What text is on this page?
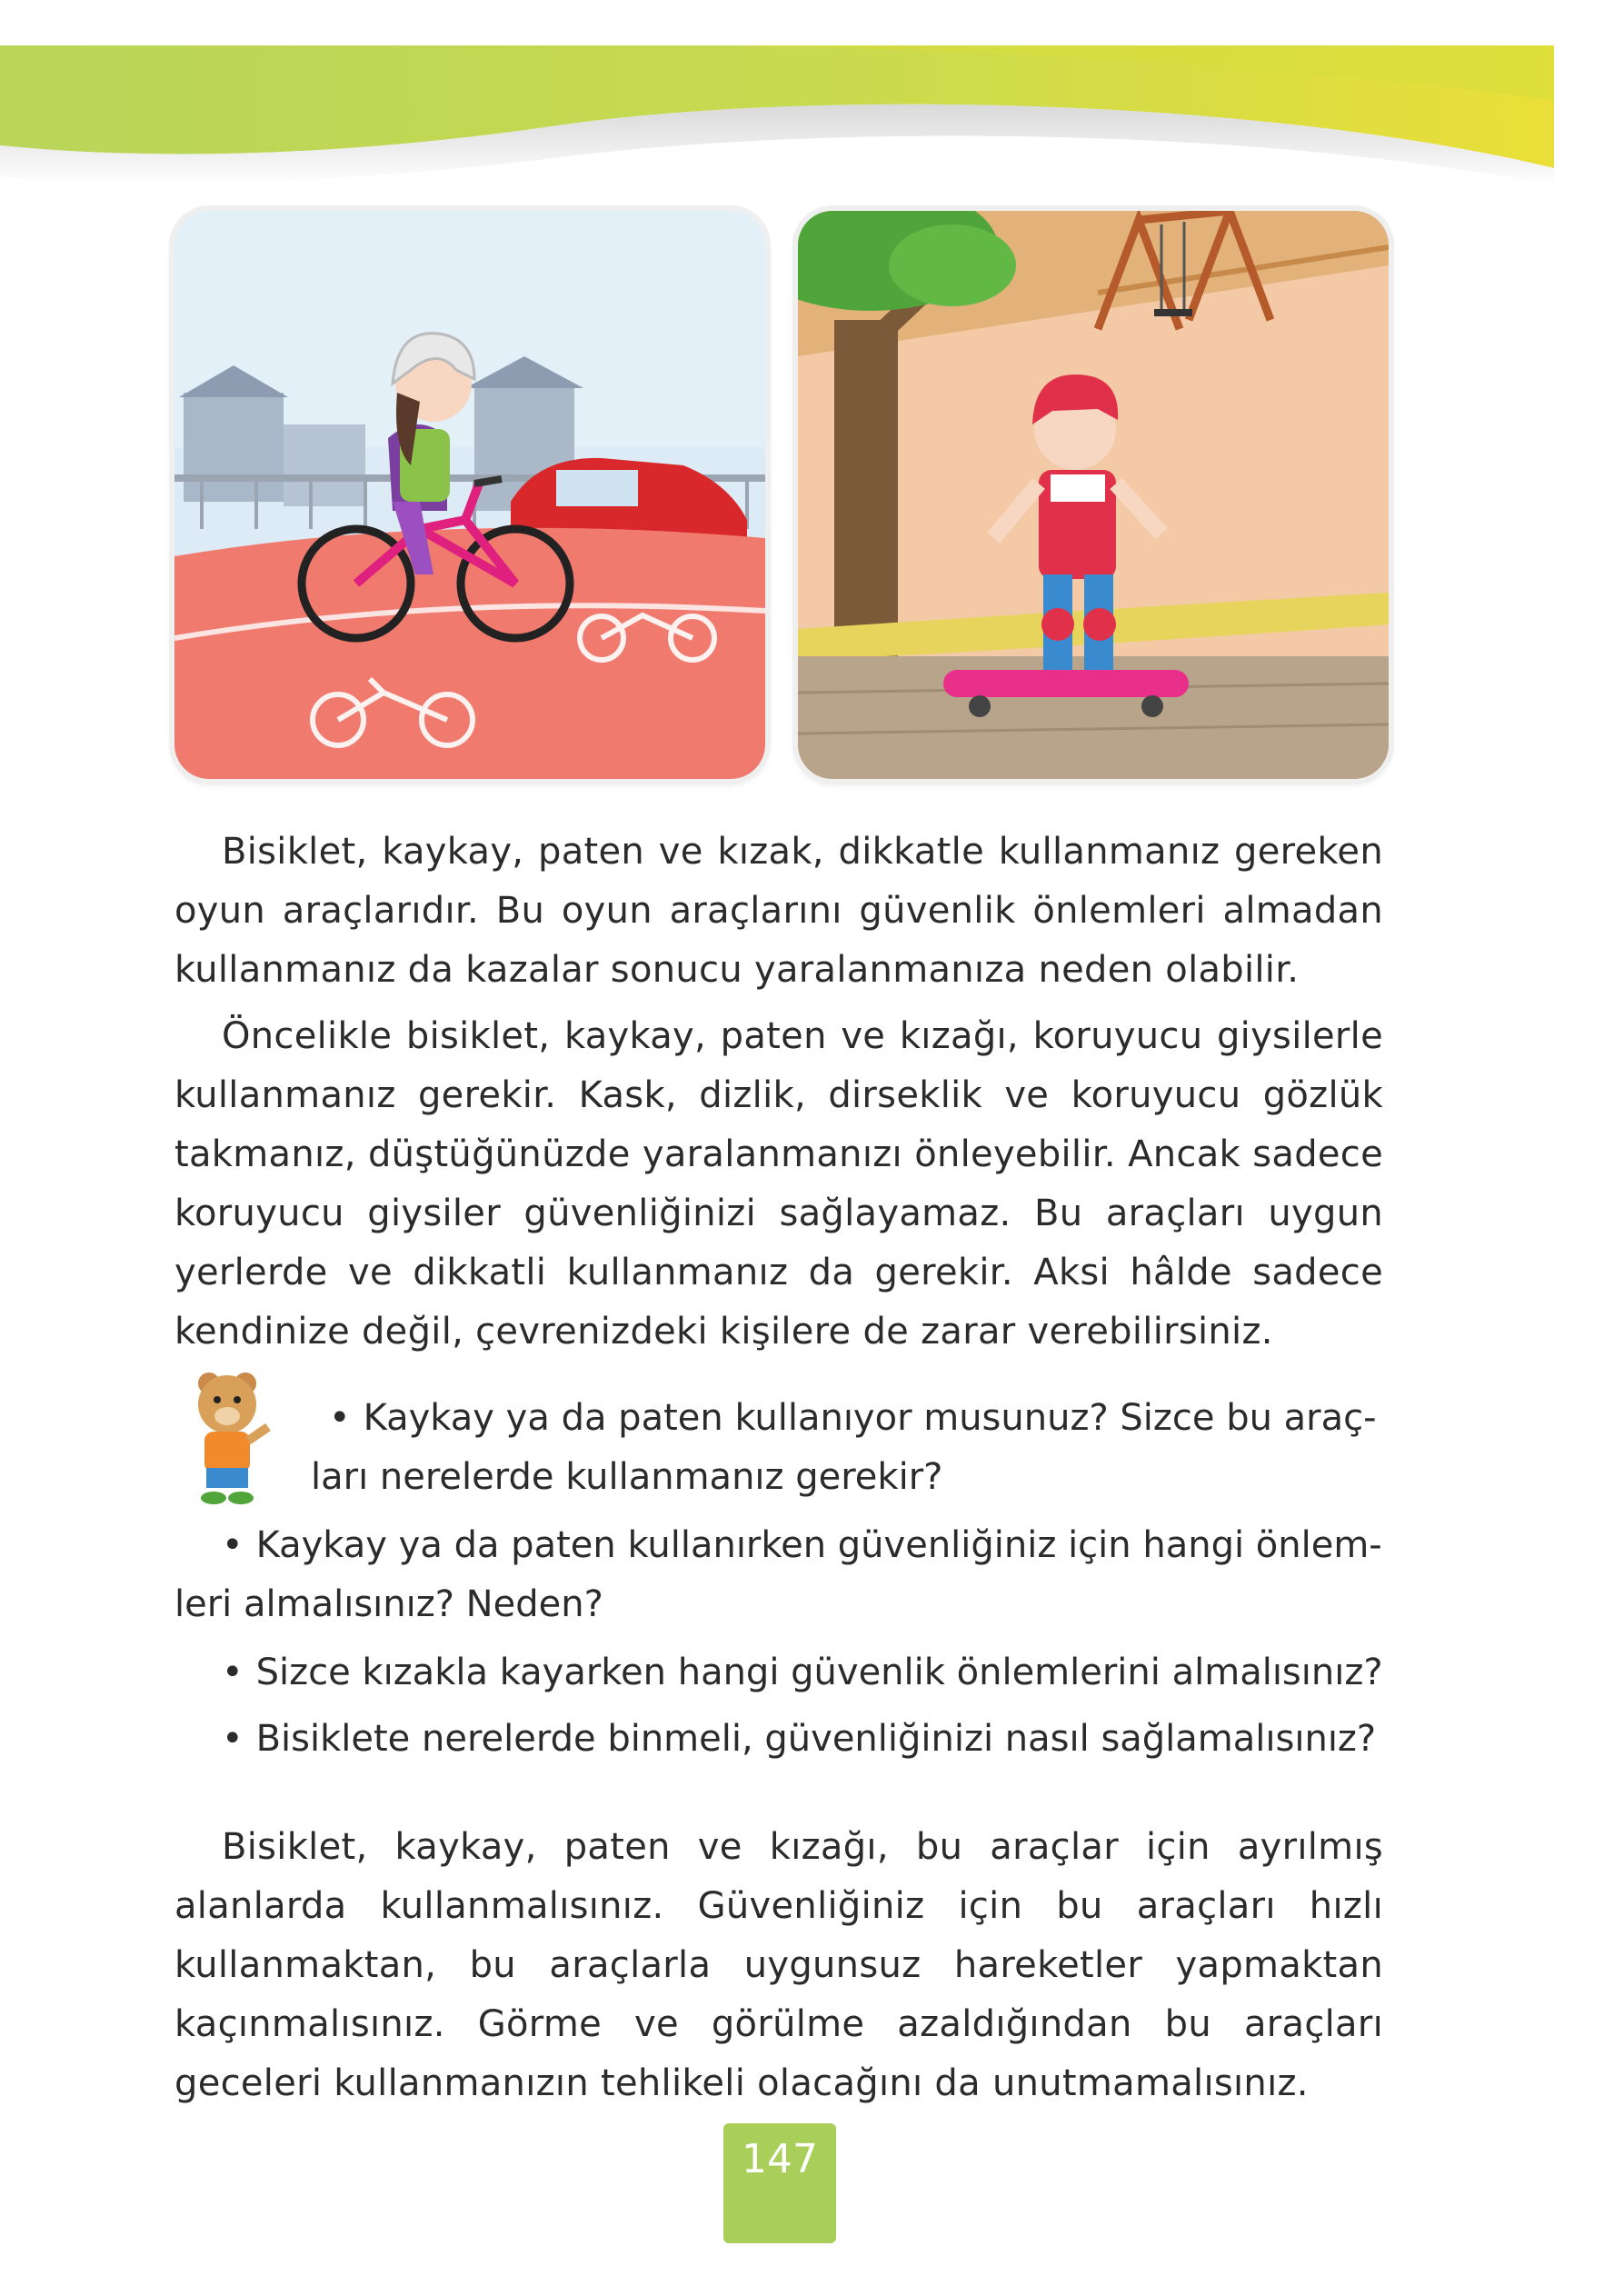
Bisiklet, kaykay, paten ve kızak, dikkatle kullanmanız gereken oyun araçlarıdır. Bu oyun araçlarını güvenlik önlemleri almadan kullanmanız da kazalar sonucu yaralanmanıza neden olabilir.

Öncelikle bisiklet, kaykay, paten ve kızağı, koruyucu giysilerle kullanmanız gerekir. Kask, dizlik, dirseklik ve koruyucu gözlük takmanız, düştüğünüzde yaralanmanızı önleyebilir. Ancak sadece koruyucu giysiler güvenliğinizi sağlayamaz. Bu araçları uygun yerlerde ve dikkatli kullanmanız da gerekir. Aksi hâlde sadece kendinize değil, çevrenizdeki kişilere de zarar verebilirsiniz.

• Kaykay ya da paten kullanıyor musunuz? Sizce bu araç-
ları nerelerde kullanmanız gerekir?
• Kaykay ya da paten kullanırken güvenliğiniz için hangi önlem-
leri almalısınız? Neden?
• Sizce kızakla kayarken hangi güvenlik önlemlerini almalısınız?
• Bisiklete nerelerde binmeli, güvenliğinizi nasıl sağlamalısınız?

Bisiklet, kaykay, paten ve kızağı, bu araçlar için ayrılmış alanlarda kullanmalısınız. Güvenliğiniz için bu araçları hızlı kullanmaktan, bu araçlarla uygunsuz hareketler yapmaktan kaçınmalısınız. Görme ve görülme azaldığından bu araçları geceleri kullanmanızın tehlikeli olacağını da unutmamalısınız.

147
